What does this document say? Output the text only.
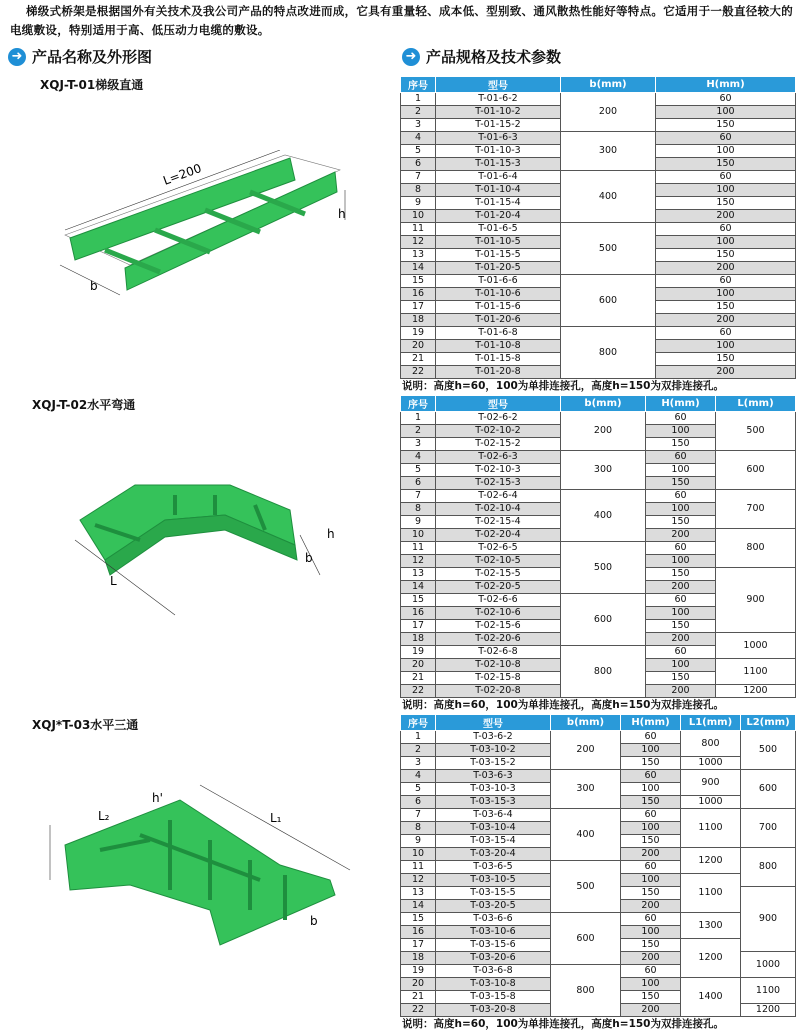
梯级式桥架是根据国外有关技术及我公司产品的特点改进而成，它具有重量轻、成本低、型别致、通风散热性能好等特点。它适用于一般直径较大的电缆敷设，特别适用于高、低压动力电缆的敷设。
➜ 产品名称及外形图	➜ 产品规格及技术参数
XQJ-T-01梯级直通
L=200
h
b
XQJ-T-02水平弯通
L
h
b
XQJ*T-03水平三通
L₂
h'
L₁
b
序号	型号	b(mm)	H(mm)
1	T-01-6-2	200	60
2	T-01-10-2		100
3	T-01-15-2		150
4	T-01-6-3	300	60
5	T-01-10-3		100
6	T-01-15-3		150
7	T-01-6-4	400	60
8	T-01-10-4		100
9	T-01-15-4		150
10	T-01-20-4		200
11	T-01-6-5	500	60
12	T-01-10-5		100
13	T-01-15-5		150
14	T-01-20-5		200
15	T-01-6-6	600	60
16	T-01-10-6		100
17	T-01-15-6		150
18	T-01-20-6		200
19	T-01-6-8	800	60
20	T-01-10-8		100
21	T-01-15-8		150
22	T-01-20-8		200
说明：高度h=60，100为单排连接孔，高度h=150为双排连接孔。
序号	型号	b(mm)	H(mm)	L(mm)
1	T-02-6-2	200	60	500
2	T-02-10-2		100	
3	T-02-15-2		150	
4	T-02-6-3	300	60	600
5	T-02-10-3		100	
6	T-02-15-3		150	
7	T-02-6-4	400	60	700
8	T-02-10-4		100	
9	T-02-15-4		150	
10	T-02-20-4		200	800
11	T-02-6-5	500	60	
12	T-02-10-5		100	
13	T-02-15-5		150	900
14	T-02-20-5		200	
15	T-02-6-6	600	60	
16	T-02-10-6		100	
17	T-02-15-6		150	
18	T-02-20-6		200	1000
19	T-02-6-8	800	60	
20	T-02-10-8		100	1100
21	T-02-15-8		150	
22	T-02-20-8		200	1200
说明：高度h=60，100为单排连接孔，高度h=150为双排连接孔。
序号	型号	b(mm)	H(mm)	L1(mm)	L2(mm)
1	T-03-6-2	200	60	800	500
2	T-03-10-2		100		
3	T-03-15-2		150	1000	
4	T-03-6-3	300	60	900	600
5	T-03-10-3		100		
6	T-03-15-3		150	1000	
7	T-03-6-4	400	60	1100	700
8	T-03-10-4		100		
9	T-03-15-4		150		
10	T-03-20-4		200	1200	800
11	T-03-6-5	500	60		
12	T-03-10-5		100	1100	
13	T-03-15-5		150		900
14	T-03-20-5		200		
15	T-03-6-6	600	60	1300	
16	T-03-10-6		100		
17	T-03-15-6		150	1200	
18	T-03-20-6		200		1000
19	T-03-6-8	800	60		
20	T-03-10-8		100	1400	1100
21	T-03-15-8		150		
22	T-03-20-8		200		1200
说明：高度h=60，100为单排连接孔，高度h=150为双排连接孔。
